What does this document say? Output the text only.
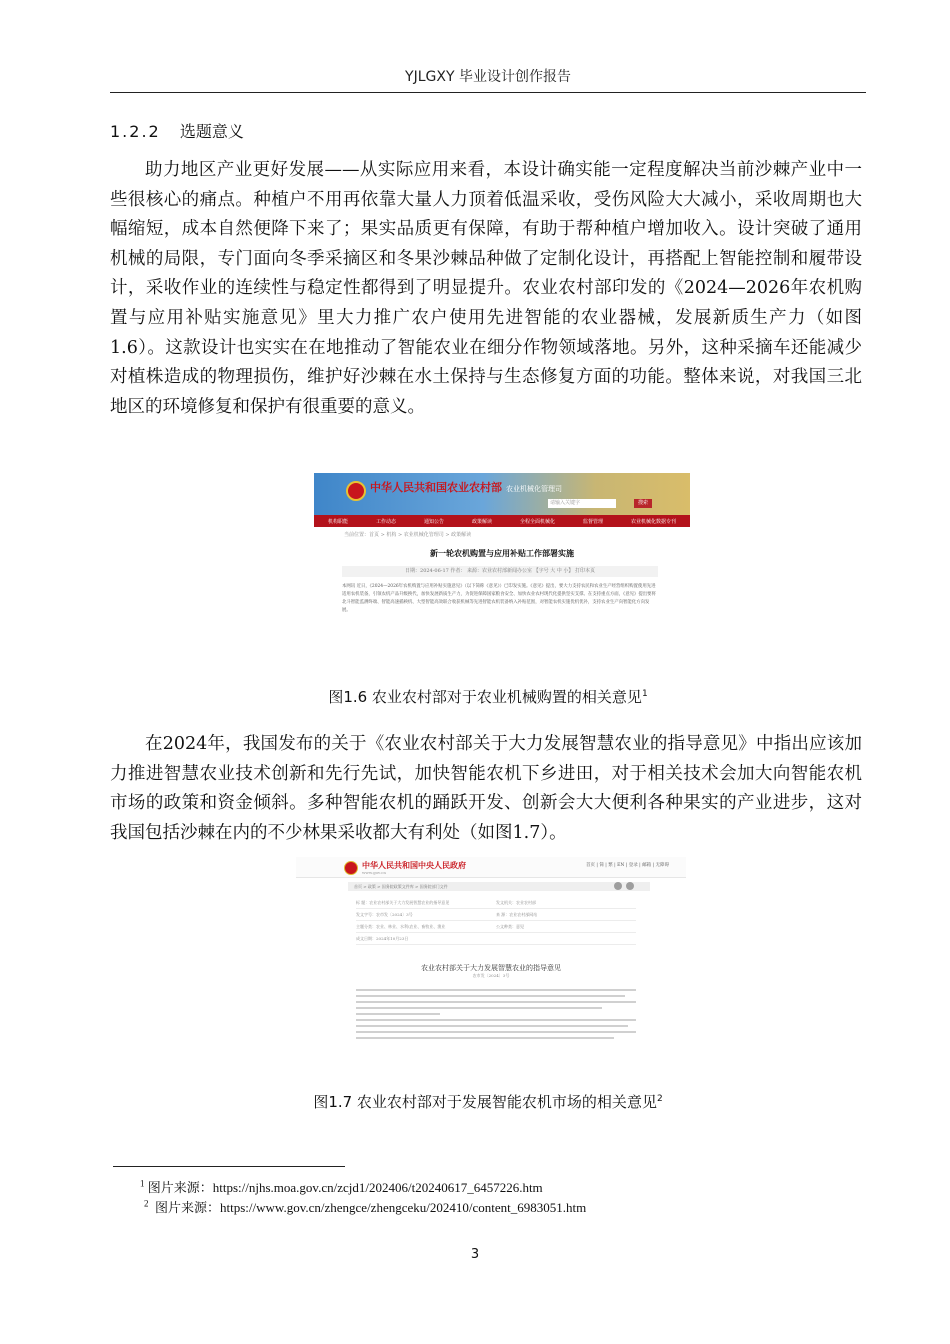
YJLGXY 毕业设计创作报告
1.2.2 选题意义

助力地区产业更好发展——从实际应用来看，本设计确实能一定程度解决当前沙棘产业中一些很核心的痛点。种植户不用再依靠大量人力顶着低温采收，受伤风险大大减小，采收周期也大幅缩短，成本自然便降下来了；果实品质更有保障，有助于帮种植户增加收入。设计突破了通用机械的局限，专门面向冬季采摘区和冬果沙棘品种做了定制化设计，再搭配上智能控制和履带设计，采收作业的连续性与稳定性都得到了明显提升。农业农村部印发的《2024—2026年农机购置与应用补贴实施意见》里大力推广农户使用先进智能的农业器械，发展新质生产力（如图1.6）。这款设计也实实在在地推动了智能农业在细分作物领域落地。另外，这种采摘车还能减少对植株造成的物理损伤，维护好沙棘在水土保持与生态修复方面的功能。整体来说，对我国三北地区的环境修复和保护有很重要的意义。

中华人民共和国农业农村部 农业机械化管理司
请输入关键字	搜索
机构职能	工作动态	通知公告	政策解读	全程全面机械化	监督管理	农业机械化数据专刊
当前位置：首页 > 机构 > 农业机械化管理司 > 政策解读
新一轮农机购置与应用补贴工作部署实施
日期：2024-06-17 作者： 来源：农业农村部新闻办公室 【字号 大 中 小】 打印本页
本网讯 近日，《2024—2026年农机购置与应用补贴实施意见》（以下简称《意见》）已印发实施。《意见》提出，要大力支持农民和农业生产经营组织购置使用先进适用农机装备，引领农机产品升级换代，加快发展新质生产力，为促进保障国家粮食安全、加快农业农村现代化提供坚实支撑。在支持重点方面，《意见》提出要将北斗智能监测终端、智能高速插秧机、大型智能高效联合收获机械等先进智能农机装备纳入补贴范围，对智能农机实施优机优补，支持农业生产向智能化方向发展。
图1.6 农业农村部对于农业机械购置的相关意见$^1$

在2024年，我国发布的关于《农业农村部关于大力发展智慧农业的指导意见》中指出应该加力推进智慧农业技术创新和先行先试，加快智能农机下乡进田，对于相关技术会加大向智能农机市场的政策和资金倾斜。多种智能农机的踊跃开发、创新会大大便利各种果实的产业进步，这对我国包括沙棘在内的不少林果采收都大有利处（如图1.7）。

中华人民共和国中央人民政府
www.gov.cn
首页 | 简 | 繁 | EN | 登录 | 邮箱 | 无障碍
首页 > 政策 > 国务院政策文件库 > 国务院部门文件
标 题：农业农村部关于大力发展智慧农业的指导意见	发文机关：农业农村部
发文字号：农市发〔2024〕3号	来 源：农业农村部网站
主题分类：农业、林业、水利\农业、畜牧业、渔业	公文种类：意见
成文日期：2024年10月23日
农业农村部关于大力发展智慧农业的指导意见
农市发〔2024〕3号
图1.7 农业农村部对于发展智能农机市场的相关意见$^2$
$^1$ 图片来源：https://njhs.moa.gov.cn/zcjd1/202406/t20240617_6457226.htm
$^2$ 图片来源：https://www.gov.cn/zhengce/zhengceku/202410/content_6983051.htm
3
